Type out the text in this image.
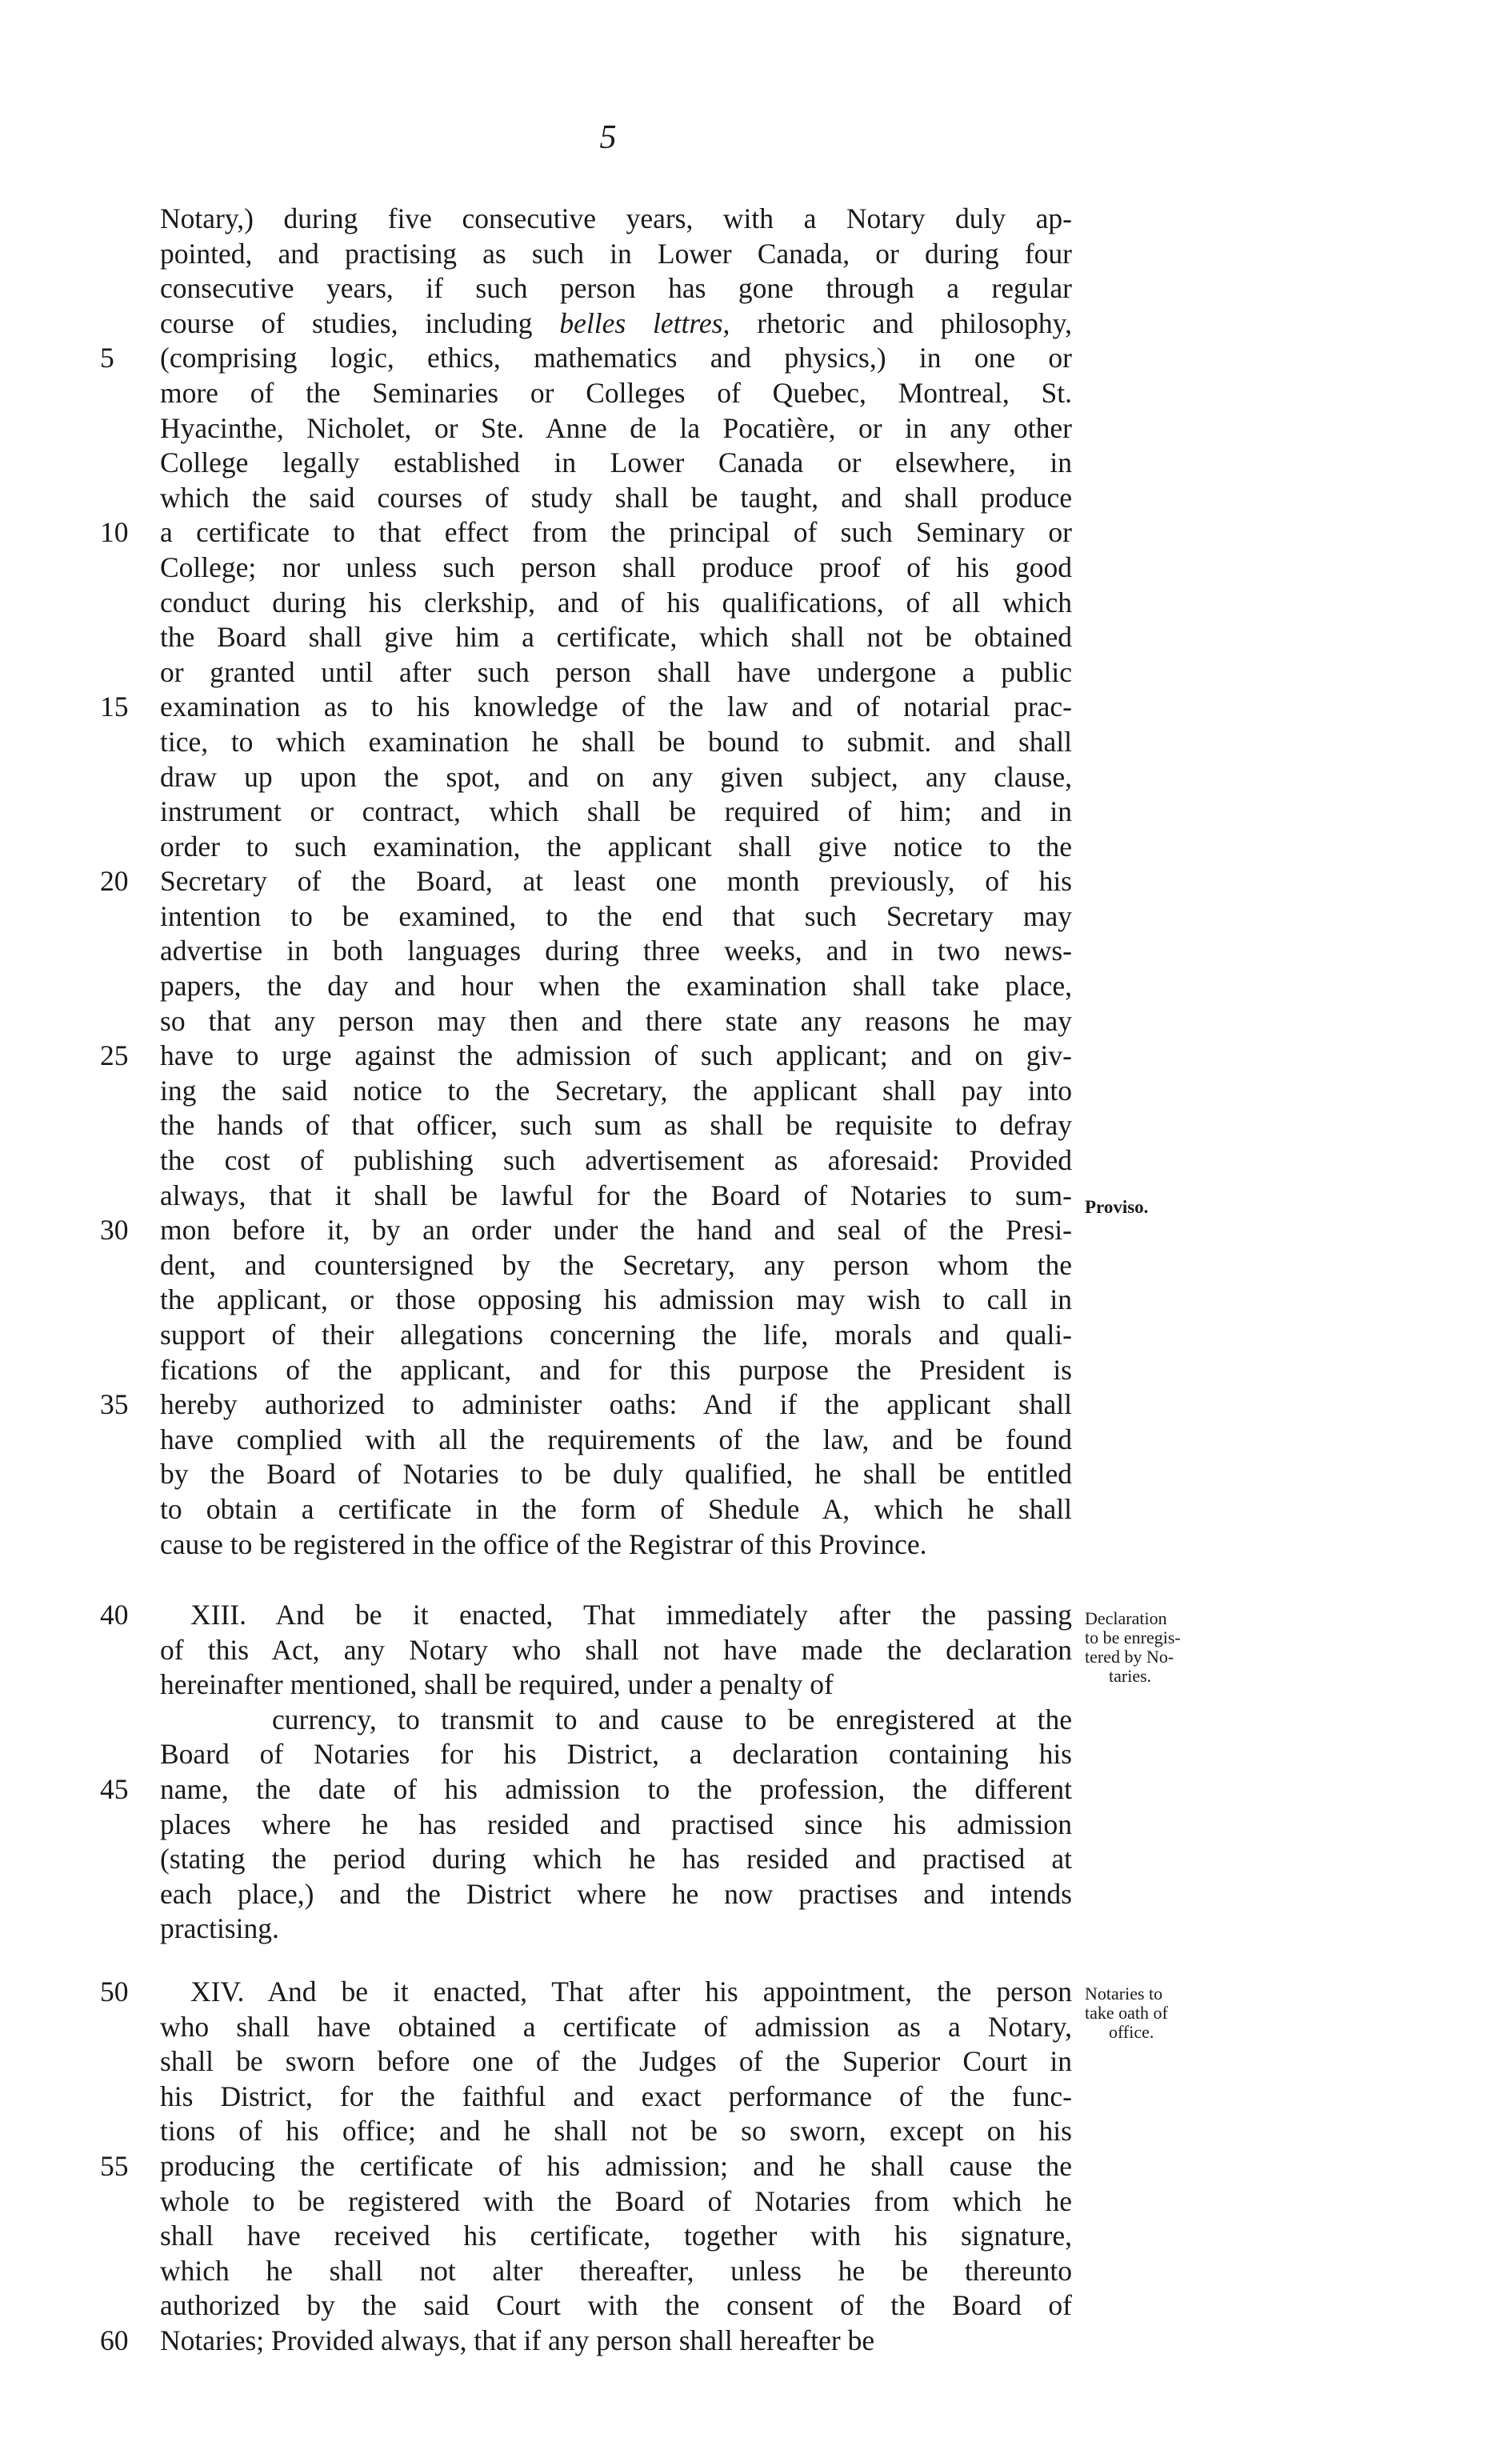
5
Notary,) during five consecutive years, with a Notary duly ap-
pointed, and practising as such in Lower Canada, or during four
consecutive years, if such person has gone through a regular
course of studies, including belles lettres, rhetoric and philosophy,
5	(comprising logic, ethics, mathematics and physics,) in one or
more of the Seminaries or Colleges of Quebec, Montreal, St.
Hyacinthe, Nicholet, or Ste. Anne de la Pocatière, or in any other
College legally established in Lower Canada or elsewhere, in
which the said courses of study shall be taught, and shall produce
10	a certificate to that effect from the principal of such Seminary or
College; nor unless such person shall produce proof of his good
conduct during his clerkship, and of his qualifications, of all which
the Board shall give him a certificate, which shall not be obtained
or granted until after such person shall have undergone a public
15	examination as to his knowledge of the law and of notarial prac-
tice, to which examination he shall be bound to submit. and shall
draw up upon the spot, and on any given subject, any clause,
instrument or contract, which shall be required of him; and in
order to such examination, the applicant shall give notice to the
20	Secretary of the Board, at least one month previously, of his
intention to be examined, to the end that such Secretary may
advertise in both languages during three weeks, and in two news-
papers, the day and hour when the examination shall take place,
so that any person may then and there state any reasons he may
25	have to urge against the admission of such applicant; and on giv-
ing the said notice to the Secretary, the applicant shall pay into
the hands of that officer, such sum as shall be requisite to defray
the cost of publishing such advertisement as aforesaid: Provided
always, that it shall be lawful for the Board of Notaries to sum-
30	mon before it, by an order under the hand and seal of the Presi-
dent, and countersigned by the Secretary, any person whom the
the applicant, or those opposing his admission may wish to call in
support of their allegations concerning the life, morals and quali-
fications of the applicant, and for this purpose the President is
35	hereby authorized to administer oaths: And if the applicant shall
have complied with all the requirements of the law, and be found
by the Board of Notaries to be duly qualified, he shall be entitled
to obtain a certificate in the form of Shedule A, which he shall
cause to be registered in the office of the Registrar of this Province.
Proviso.
40	XIII. And be it enacted, That immediately after the passing
of this Act, any Notary who shall not have made the declaration
hereinafter mentioned, shall be required, under a penalty of
currency, to transmit to and cause to be enregistered at the
Board of Notaries for his District, a declaration containing his
45	name, the date of his admission to the profession, the different
places where he has resided and practised since his admission
(stating the period during which he has resided and practised at
each place,) and the District where he now practises and intends
practising.
Declaration
to be enregis-
tered by No-
taries.
50	XIV. And be it enacted, That after his appointment, the person
who shall have obtained a certificate of admission as a Notary,
shall be sworn before one of the Judges of the Superior Court in
his District, for the faithful and exact performance of the func-
tions of his office; and he shall not be so sworn, except on his
55	producing the certificate of his admission; and he shall cause the
whole to be registered with the Board of Notaries from which he
shall have received his certificate, together with his signature,
which he shall not alter thereafter, unless he be thereunto
authorized by the said Court with the consent of the Board of
60	Notaries; Provided always, that if any person shall hereafter be
Notaries to
take oath of
office.
